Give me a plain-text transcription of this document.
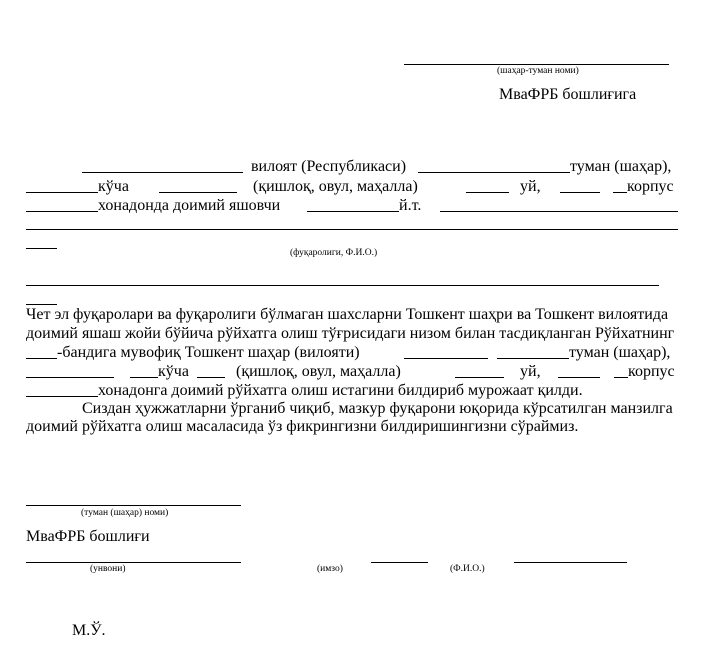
(шаҳар-туман номи)
МваФРБ бошлиғига
вилоят (Республикаси)	туман (шаҳар),
кўча	(қишлоқ, овул, маҳалла)	уй,	корпус
хонадонда доимий яшовчи	й.т.
(фуқаролиги, Ф.И.О.)
Чет эл фуқаролари ва фуқаролиги бўлмаган шахсларни Тошкент шаҳри ва Тошкент вилоятида
доимий яшаш жойи бўйича рўйхатга олиш тўғрисидаги низом билан тасдиқланган Рўйхатнинг
-бандига мувофиқ Тошкент шаҳар (вилояти)	туман (шаҳар),
кўча	(қишлоқ, овул, маҳалла)	уй,	корпус
хонадонга доимий рўйхатга олиш истагини билдириб мурожаат қилди.
Сиздан ҳужжатларни ўрганиб чиқиб, мазкур фуқарони юқорида кўрсатилган манзилга
доимий рўйхатга олиш масаласида ўз фикрингизни билдиришингизни сўраймиз.
(туман (шаҳар) номи)
МваФРБ бошлиғи
(унвони)	(имзо)	(Ф.И.О.)
М.Ў.
